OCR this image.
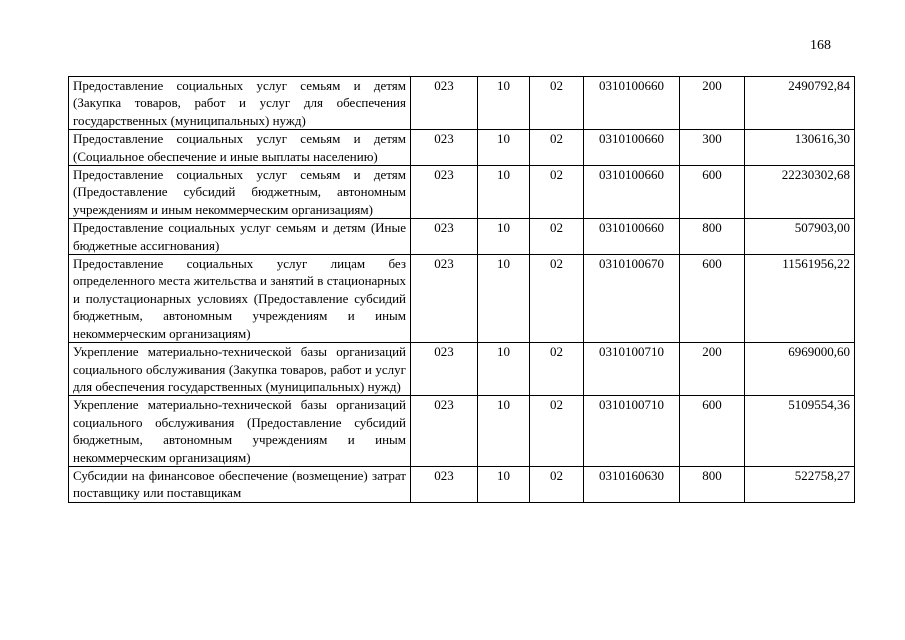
168
Предоставление социальных услуг семьям и детям (Закупка товаров, работ и услуг для обеспечения государственных (муниципальных) нужд)	023	10	02	0310100660	200	2490792,84
Предоставление социальных услуг семьям и детям (Социальное обеспечение и иные выплаты населению)	023	10	02	0310100660	300	130616,30
Предоставление социальных услуг семьям и детям (Предоставление субсидий бюджетным, автономным учреждениям и иным некоммерческим организациям)	023	10	02	0310100660	600	22230302,68
Предоставление социальных услуг семьям и детям (Иные бюджетные ассигнования)	023	10	02	0310100660	800	507903,00
Предоставление социальных услуг лицам без определенного места жительства и занятий в стационарных и полустационарных условиях (Предоставление субсидий бюджетным, автономным учреждениям и иным некоммерческим организациям)	023	10	02	0310100670	600	11561956,22
Укрепление материально-технической базы организаций социального обслуживания (Закупка товаров, работ и услуг для обеспечения государственных (муниципальных) нужд)	023	10	02	0310100710	200	6969000,60
Укрепление материально-технической базы организаций социального обслуживания (Предоставление субсидий бюджетным, автономным учреждениям и иным некоммерческим организациям)	023	10	02	0310100710	600	5109554,36
Субсидии на финансовое обеспечение (возмещение) затрат поставщику или поставщикам	023	10	02	0310160630	800	522758,27
